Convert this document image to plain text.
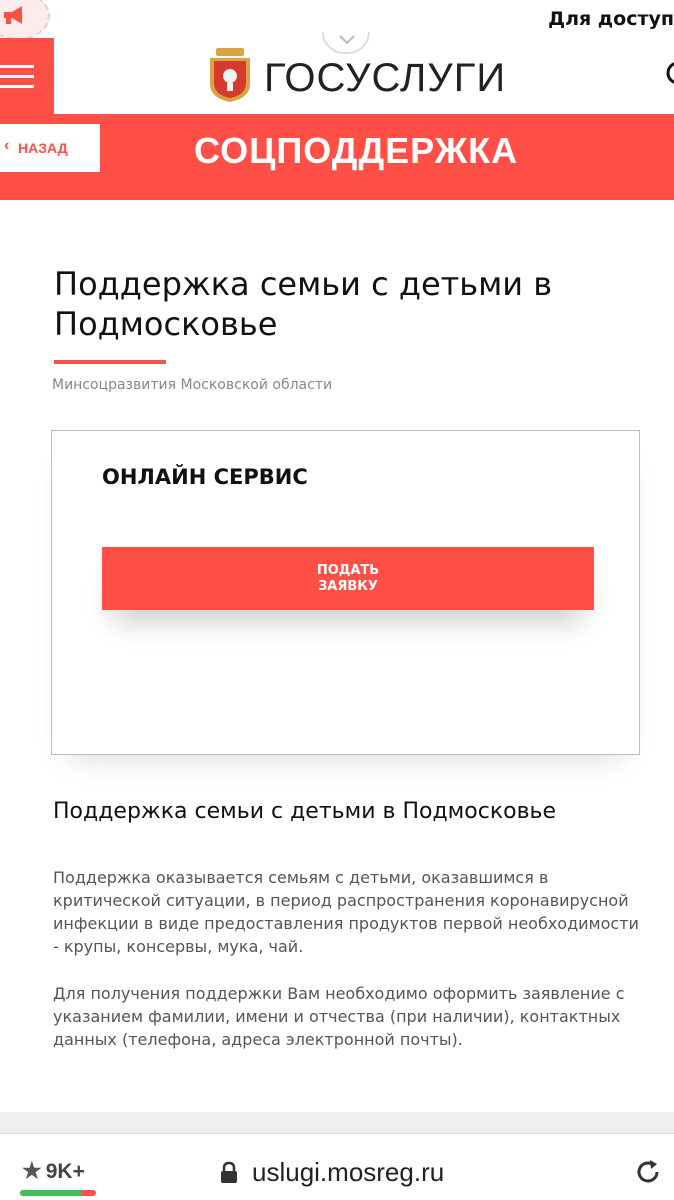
Для доступ
ГОСУСЛУГИ
‹ НАЗАД	СОЦПОДДЕРЖКА
Поддержка семьи с детьми в Подмосковье
Минсоцразвития Московской области
ОНЛАЙН СЕРВИС
ПОДАТЬ
ЗАЯВКУ
Поддержка семьи с детьми в Подмосковье

Поддержка оказывается семьям с детьми, оказавшимся в критической ситуации, в период распространения коронавирусной инфекции в виде предоставления продуктов первой необходимости - крупы, консервы, мука, чай.

Для получения поддержки Вам необходимо оформить заявление с указанием фамилии, имени и отчества (при наличии), контактных данных (телефона, адреса электронной почты).

★ 9K+	uslugi.mosreg.ru
